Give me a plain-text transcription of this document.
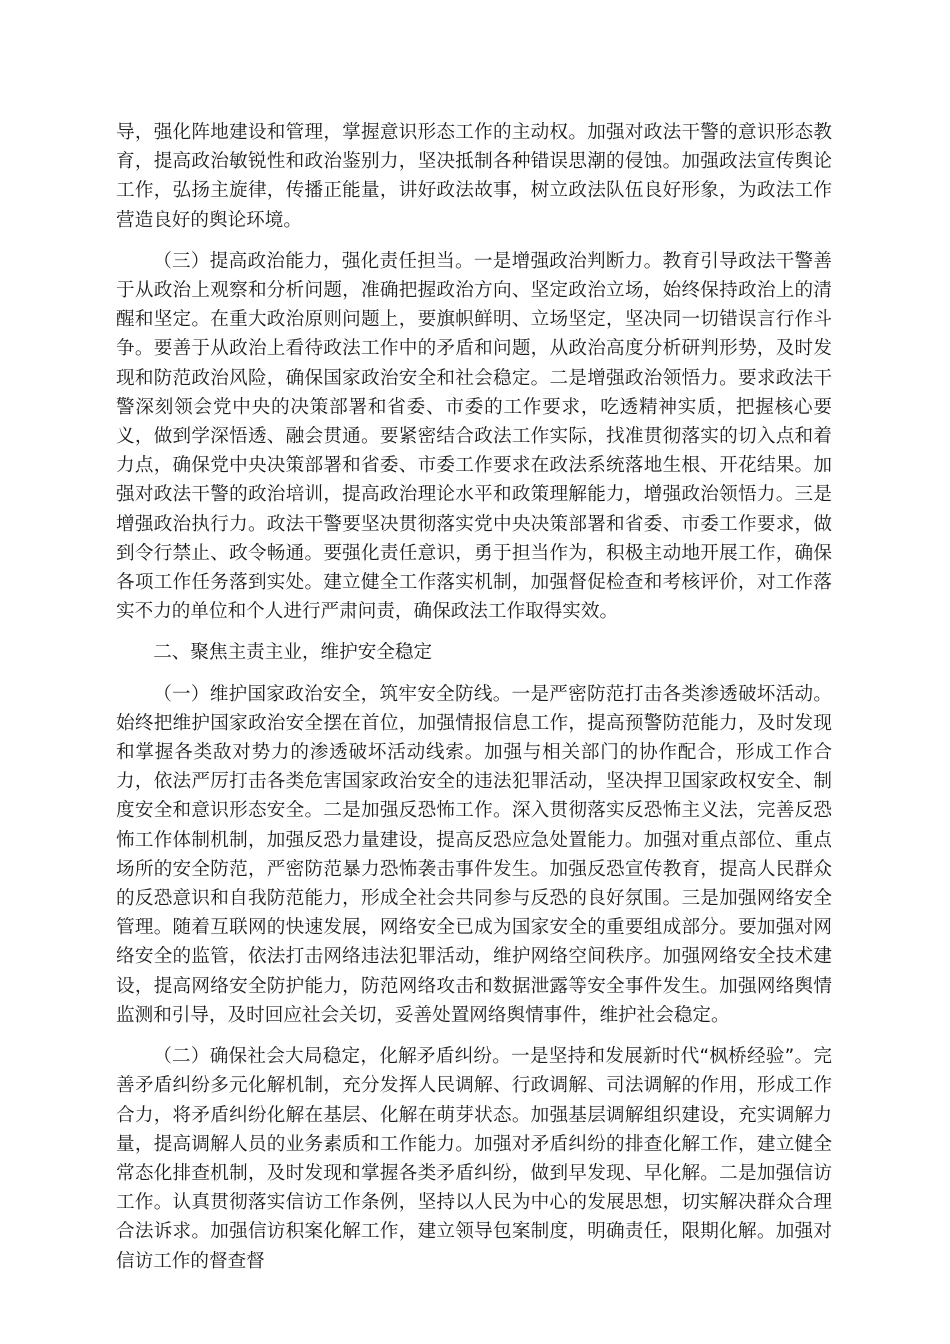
导，强化阵地建设和管理，掌握意识形态工作的主动权。加强对政法干警的意识形态教育，提高政治敏锐性和政治鉴别力，坚决抵制各种错误思潮的侵蚀。加强政法宣传舆论工作，弘扬主旋律，传播正能量，讲好政法故事，树立政法队伍良好形象，为政法工作营造良好的舆论环境。

（三）提高政治能力，强化责任担当。一是增强政治判断力。教育引导政法干警善于从政治上观察和分析问题，准确把握政治方向、坚定政治立场，始终保持政治上的清醒和坚定。在重大政治原则问题上，要旗帜鲜明、立场坚定，坚决同一切错误言行作斗争。要善于从政治上看待政法工作中的矛盾和问题，从政治高度分析研判形势，及时发现和防范政治风险，确保国家政治安全和社会稳定。二是增强政治领悟力。要求政法干警深刻领会党中央的决策部署和省委、市委的工作要求，吃透精神实质，把握核心要义，做到学深悟透、融会贯通。要紧密结合政法工作实际，找准贯彻落实的切入点和着力点，确保党中央决策部署和省委、市委工作要求在政法系统落地生根、开花结果。加强对政法干警的政治培训，提高政治理论水平和政策理解能力，增强政治领悟力。三是增强政治执行力。政法干警要坚决贯彻落实党中央决策部署和省委、市委工作要求，做到令行禁止、政令畅通。要强化责任意识，勇于担当作为，积极主动地开展工作，确保各项工作任务落到实处。建立健全工作落实机制，加强督促检查和考核评价，对工作落实不力的单位和个人进行严肃问责，确保政法工作取得实效。

二、聚焦主责主业，维护安全稳定

（一）维护国家政治安全，筑牢安全防线。一是严密防范打击各类渗透破坏活动。始终把维护国家政治安全摆在首位，加强情报信息工作，提高预警防范能力，及时发现和掌握各类敌对势力的渗透破坏活动线索。加强与相关部门的协作配合，形成工作合力，依法严厉打击各类危害国家政治安全的违法犯罪活动，坚决捍卫国家政权安全、制度安全和意识形态安全。二是加强反恐怖工作。深入贯彻落实反恐怖主义法，完善反恐怖工作体制机制，加强反恐力量建设，提高反恐应急处置能力。加强对重点部位、重点场所的安全防范，严密防范暴力恐怖袭击事件发生。加强反恐宣传教育，提高人民群众的反恐意识和自我防范能力，形成全社会共同参与反恐的良好氛围。三是加强网络安全管理。随着互联网的快速发展，网络安全已成为国家安全的重要组成部分。要加强对网络安全的监管，依法打击网络违法犯罪活动，维护网络空间秩序。加强网络安全技术建设，提高网络安全防护能力，防范网络攻击和数据泄露等安全事件发生。加强网络舆情监测和引导，及时回应社会关切，妥善处置网络舆情事件，维护社会稳定。

（二）确保社会大局稳定，化解矛盾纠纷。一是坚持和发展新时代“枫桥经验”。完善矛盾纠纷多元化解机制，充分发挥人民调解、行政调解、司法调解的作用，形成工作合力，将矛盾纠纷化解在基层、化解在萌芽状态。加强基层调解组织建设，充实调解力量，提高调解人员的业务素质和工作能力。加强对矛盾纠纷的排查化解工作，建立健全常态化排查机制，及时发现和掌握各类矛盾纠纷，做到早发现、早化解。二是加强信访工作。认真贯彻落实信访工作条例，坚持以人民为中心的发展思想，切实解决群众合理合法诉求。加强信访积案化解工作，建立领导包案制度，明确责任，限期化解。加强对信访工作的督查督
